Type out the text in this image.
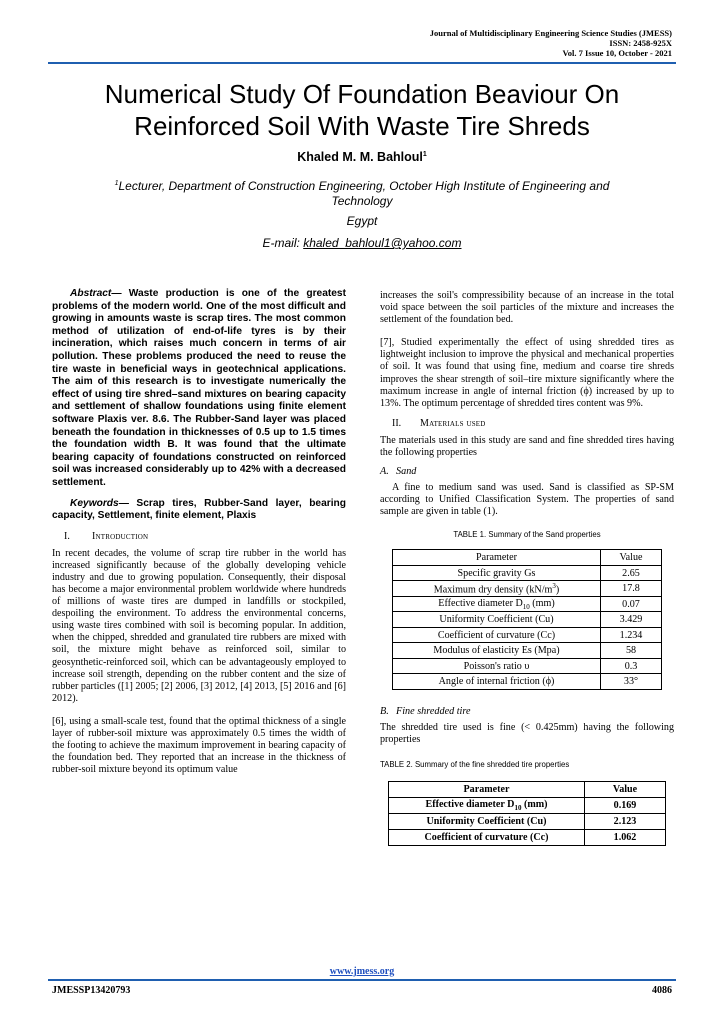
Journal of Multidisciplinary Engineering Science Studies (JMESS)
ISSN: 2458-925X
Vol. 7 Issue 10, October - 2021
Numerical Study Of Foundation Beaviour On
Reinforced Soil With Waste Tire Shreds
Khaled M. M. Bahloul$^1$
$^1$Lecturer, Department of Construction Engineering, October High Institute of Engineering and Technology
Egypt
E-mail: khaled_bahloul1@yahoo.com

Abstract— Waste production is one of the greatest problems of the modern world. One of the most difficult and growing in amounts waste is scrap tires. The most common method of utilization of end-of-life tyres is by their incineration, which raises much concern in terms of air pollution. These problems produced the need to reuse the tire waste in beneficial ways in geotechnical applications. The aim of this research is to investigate numerically the effect of using tire shred–sand mixtures on bearing capacity and settlement of shallow foundations using finite element software Plaxis ver. 8.6. The Rubber-Sand layer was placed beneath the foundation in thicknesses of 0.5 up to 1.5 times the foundation width B. It was found that the ultimate bearing capacity of foundations constructed on reinforced soil was increased considerably up to 42% with a decreased settlement.

Keywords— Scrap tires, Rubber-Sand layer, bearing capacity, Settlement, finite element, Plaxis

I. Introduction

In recent decades, the volume of scrap tire rubber in the world has increased significantly because of the globally developing vehicle industry and due to growing population. Consequently, their disposal has become a major environmental problem worldwide where hundreds of millions of waste tires are dumped in landfills or stockpiled, despoiling the environment. To address the environmental concerns, using waste tires combined with soil is becoming popular. In addition, when the chipped, shredded and granulated tire rubbers are mixed with soil, the mixture might behave as reinforced soil, similar to geosynthetic-reinforced soil, which can be advantageously employed to increase soil strength, depending on the rubber content and the size of rubber particles ([1] 2005; [2] 2006, [3] 2012, [4] 2013, [5] 2016 and [6] 2012).

[6], using a small-scale test, found that the optimal thickness of a single layer of rubber-soil mixture was approximately 0.5 times the width of the footing to achieve the maximum improvement in bearing capacity of the foundation bed. They reported that an increase in the thickness of rubber-soil mixture beyond its optimum value

increases the soil's compressibility because of an increase in the total void space between the soil particles of the mixture and increases the settlement of the foundation bed.

[7], Studied experimentally the effect of using shredded tires as lightweight inclusion to improve the physical and mechanical properties of soil. It was found that using fine, medium and coarse tire shreds improves the shear strength of soil–tire mixture significantly where the maximum increase in angle of internal friction (ϕ) increased by up to 13%. The optimum percentage of shredded tires content was 9%.

II. Materials used

The materials used in this study are sand and fine shredded tires having the following properties

A. Sand

A fine to medium sand was used. Sand is classified as SP-SM according to Unified Classification System. The properties of sand sample are given in table (1).

TABLE 1. Summary of the Sand properties
Parameter	Value
Specific gravity Gs	2.65
Maximum dry density $(kN/m^3)$	17.8
Effective diameter $D_{10}$ (mm)	0.07
Uniformity Coefficient (Cu)	3.429
Coefficient of curvature (Cc)	1.234
Modulus of elasticity Es (Mpa)	58
Poisson's ratio υ	0.3
Angle of internal friction (ϕ)	33°
B. Fine shredded tire

The shredded tire used is fine (< 0.425mm) having the following properties

TABLE 2. Summary of the fine shredded tire properties
Parameter	Value
Effective diameter $D_{10}$ (mm)	0.169
Uniformity Coefficient (Cu)	2.123
Coefficient of curvature (Cc)	1.062
www.jmess.org
JMESSP13420793	4086
